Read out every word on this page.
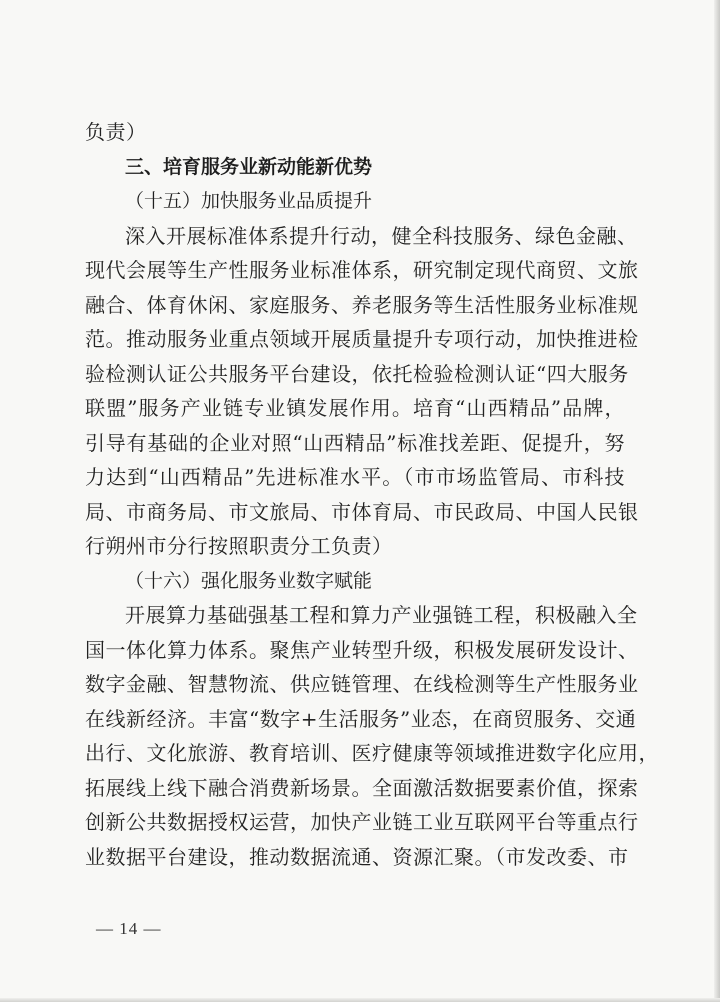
负责）
三、培育服务业新动能新优势
（十五）加快服务业品质提升
深入开展标准体系提升行动，健全科技服务、绿色金融、
现代会展等生产性服务业标准体系，研究制定现代商贸、文旅
融合、体育休闲、家庭服务、养老服务等生活性服务业标准规
范。推动服务业重点领域开展质量提升专项行动，加快推进检
验检测认证公共服务平台建设，依托检验检测认证“四大服务
联盟”服务产业链专业镇发展作用。培育“山西精品”品牌，
引导有基础的企业对照“山西精品”标准找差距、促提升，努
力达到“山西精品”先进标准水平。（市市场监管局、市科技
局、市商务局、市文旅局、市体育局、市民政局、中国人民银
行朔州市分行按照职责分工负责）
（十六）强化服务业数字赋能
开展算力基础强基工程和算力产业强链工程，积极融入全
国一体化算力体系。聚焦产业转型升级，积极发展研发设计、
数字金融、智慧物流、供应链管理、在线检测等生产性服务业
在线新经济。丰富“数字+生活服务”业态，在商贸服务、交通
出行、文化旅游、教育培训、医疗健康等领域推进数字化应用，
拓展线上线下融合消费新场景。全面激活数据要素价值，探索
创新公共数据授权运营，加快产业链工业互联网平台等重点行
业数据平台建设，推动数据流通、资源汇聚。（市发改委、市
— 14 —
